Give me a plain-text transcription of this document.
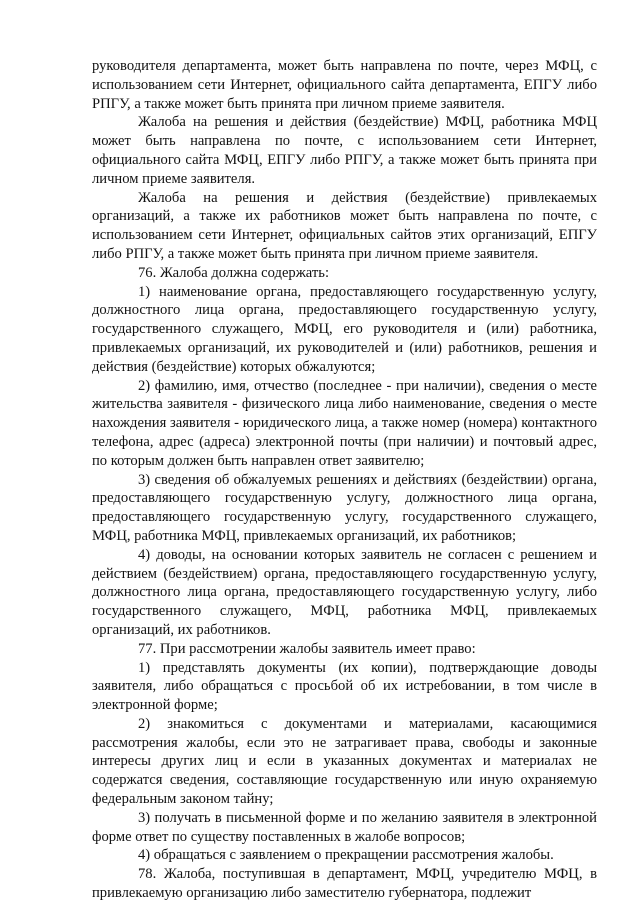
руководителя департамента, может быть направлена по почте, через МФЦ, с использованием сети Интернет, официального сайта департамента, ЕПГУ либо РПГУ, а также может быть принята при личном приеме заявителя.

Жалоба на решения и действия (бездействие) МФЦ, работника МФЦ может быть направлена по почте, с использованием сети Интернет, официального сайта МФЦ, ЕПГУ либо РПГУ, а также может быть принята при личном приеме заявителя.

Жалоба на решения и действия (бездействие) привлекаемых организаций, а также их работников может быть направлена по почте, с использованием сети Интернет, официальных сайтов этих организаций, ЕПГУ либо РПГУ, а также может быть принята при личном приеме заявителя.

76. Жалоба должна содержать:

1) наименование органа, предоставляющего государственную услугу, должностного лица органа, предоставляющего государственную услугу, государственного служащего, МФЦ, его руководителя и (или) работника, привлекаемых организаций, их руководителей и (или) работников, решения и действия (бездействие) которых обжалуются;

2) фамилию, имя, отчество (последнее - при наличии), сведения о месте жительства заявителя - физического лица либо наименование, сведения о месте нахождения заявителя - юридического лица, а также номер (номера) контактного телефона, адрес (адреса) электронной почты (при наличии) и почтовый адрес, по которым должен быть направлен ответ заявителю;

3) сведения об обжалуемых решениях и действиях (бездействии) органа, предоставляющего государственную услугу, должностного лица органа, предоставляющего государственную услугу, государственного служащего, МФЦ, работника МФЦ, привлекаемых организаций, их работников;

4) доводы, на основании которых заявитель не согласен с решением и действием (бездействием) органа, предоставляющего государственную услугу, должностного лица органа, предоставляющего государственную услугу, либо государственного служащего, МФЦ, работника МФЦ, привлекаемых организаций, их работников.

77. При рассмотрении жалобы заявитель имеет право:

1) представлять документы (их копии), подтверждающие доводы заявителя, либо обращаться с просьбой об их истребовании, в том числе в электронной форме;

2) знакомиться с документами и материалами, касающимися рассмотрения жалобы, если это не затрагивает права, свободы и законные интересы других лиц и если в указанных документах и материалах не содержатся сведения, составляющие государственную или иную охраняемую федеральным законом тайну;

3) получать в письменной форме и по желанию заявителя в электронной форме ответ по существу поставленных в жалобе вопросов;

4) обращаться с заявлением о прекращении рассмотрения жалобы.

78. Жалоба, поступившая в департамент, МФЦ, учредителю МФЦ, в привлекаемую организацию либо заместителю губернатора, подлежит
